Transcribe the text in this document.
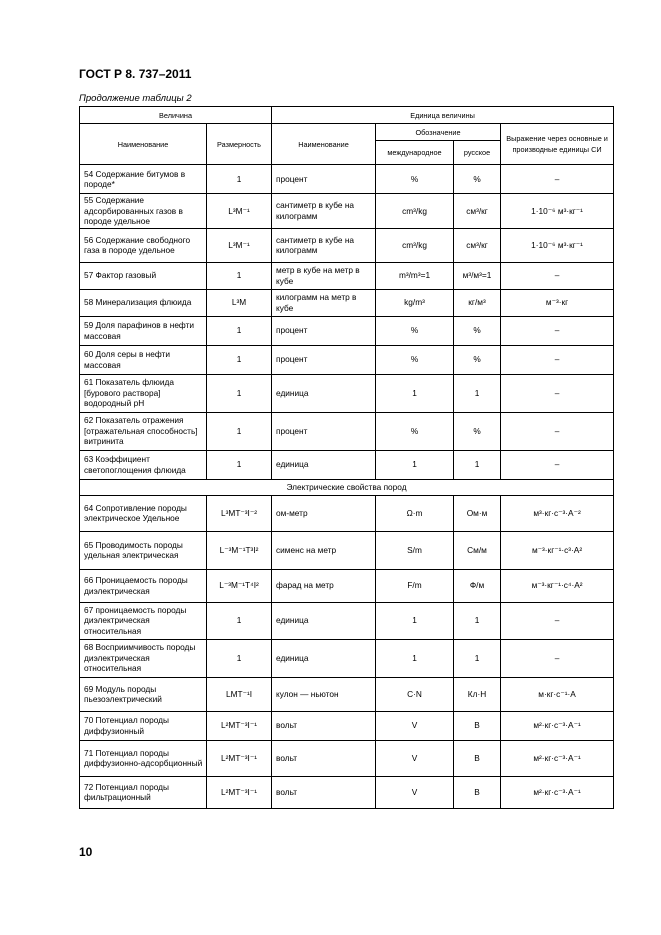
ГОСТ Р 8. 737–2011
Продолжение таблицы 2
Величина		Единица величины			
Наименование	Размерность	Наименование	Обозначение		Выражение через основные и производные единицы СИ
			международное	русское	
54 Содержание битумов в породе*	1	процент	%	%	–
55 Содержание адсорбированных газов в породе удельное	L³M⁻¹	сантиметр в кубе на килограмм	cm³/kg	см³/кг	1·10⁻⁶ м³·кг⁻¹
56 Содержание свободного газа в породе удельное	L³M⁻¹	сантиметр в кубе на килограмм	cm³/kg	см³/кг	1·10⁻⁶ м³·кг⁻¹
57 Фактор газовый	1	метр в кубе на метр в кубе	m³/m³=1	м³/м³=1	–
58 Минерализация флюида	L³M	килограмм на метр в кубе	kg/m³	кг/м³	м⁻³·кг
59 Доля парафинов в нефти массовая	1	процент	%	%	–
60 Доля серы в нефти массовая	1	процент	%	%	–
61 Показатель флюида [бурового раствора] водородный pH	1	единица	1	1	–
62 Показатель отражения [отражательная способность] витринита	1	процент	%	%	–
63 Коэффициент светопоглощения флюида	1	единица	1	1	–
Электрические свойства пород					
64 Сопротивление породы электрическое Удельное	L³MT⁻³I⁻²	ом-метр	Ω·m	Ом·м	м³·кг·с⁻³·А⁻²
65 Проводимость породы удельная электрическая	L⁻³M⁻¹T³I²	сименс на метр	S/m	См/м	м⁻³·кг⁻¹·с³·А²
66 Проницаемость породы диэлектрическая	L⁻³M⁻¹T⁴I²	фарад на метр	F/m	Ф/м	м⁻³·кг⁻¹·с⁴·А²
67 проницаемость породы диэлектрическая относительная	1	единица	1	1	–
68 Восприимчивость породы диэлектрическая относительная	1	единица	1	1	–
69 Модуль породы пьезоэлектрический	LMT⁻¹I	кулон — ньютон	C·N	Кл·Н	м·кг·с⁻¹·А
70 Потенциал породы диффузионный	L²MT⁻³I⁻¹	вольт	V	В	м²·кг·с⁻³·А⁻¹
71 Потенциал породы диффузионно-адсорбционный	L²MT⁻³I⁻¹	вольт	V	В	м²·кг·с⁻³·А⁻¹
72 Потенциал породы фильтрационный	L²MT⁻³I⁻¹	вольт	V	В	м²·кг·с⁻³·А⁻¹
10
